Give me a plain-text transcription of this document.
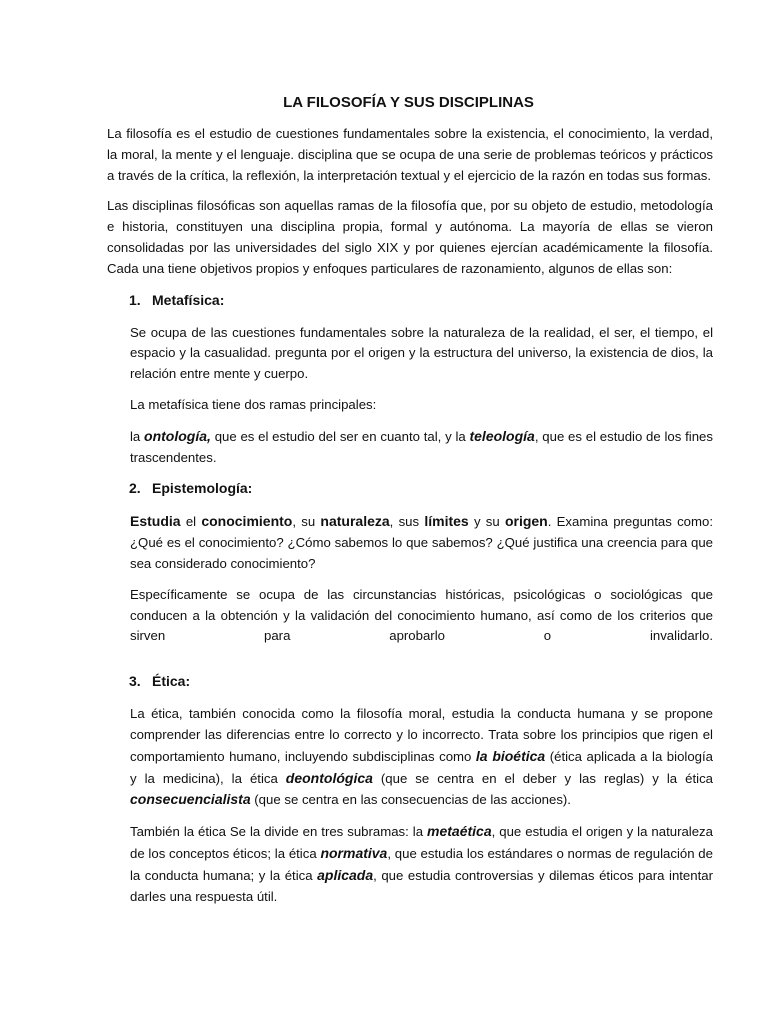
LA FILOSOFÍA Y SUS DISCIPLINAS

La filosofía es el estudio de cuestiones fundamentales sobre la existencia, el conocimiento, la verdad, la moral, la mente y el lenguaje. disciplina que se ocupa de una serie de problemas teóricos y prácticos a través de la crítica, la reflexión, la interpretación textual y el ejercicio de la razón en todas sus formas.

Las disciplinas filosóficas son aquellas ramas de la filosofía que, por su objeto de estudio, metodología e historia, constituyen una disciplina propia, formal y autónoma. La mayoría de ellas se vieron consolidadas por las universidades del siglo XIX y por quienes ejercían académicamente la filosofía. Cada una tiene objetivos propios y enfoques particulares de razonamiento, algunos de ellas son:

1. Metafísica:

Se ocupa de las cuestiones fundamentales sobre la naturaleza de la realidad, el ser, el tiempo, el espacio y la casualidad. pregunta por el origen y la estructura del universo, la existencia de dios, la relación entre mente y cuerpo.

La metafísica tiene dos ramas principales:

la ontología, que es el estudio del ser en cuanto tal, y la teleología, que es el estudio de los fines trascendentes.

2. Epistemología:

Estudia el conocimiento, su naturaleza, sus límites y su origen. Examina preguntas como: ¿Qué es el conocimiento? ¿Cómo sabemos lo que sabemos? ¿Qué justifica una creencia para que sea considerado conocimiento?

Específicamente se ocupa de las circunstancias históricas, psicológicas o sociológicas que conducen a la obtención y la validación del conocimiento humano, así como de los criterios que sirven para aprobarlo o invalidarlo.

3. Ética:

La ética, también conocida como la filosofía moral, estudia la conducta humana y se propone comprender las diferencias entre lo correcto y lo incorrecto. Trata sobre los principios que rigen el comportamiento humano, incluyendo subdisciplinas como la bioética (ética aplicada a la biología y la medicina), la ética deontológica (que se centra en el deber y las reglas) y la ética consecuencialista (que se centra en las consecuencias de las acciones).

También la ética Se la divide en tres subramas: la metaética, que estudia el origen y la naturaleza de los conceptos éticos; la ética normativa, que estudia los estándares o normas de regulación de la conducta humana; y la ética aplicada, que estudia controversias y dilemas éticos para intentar darles una respuesta útil.
